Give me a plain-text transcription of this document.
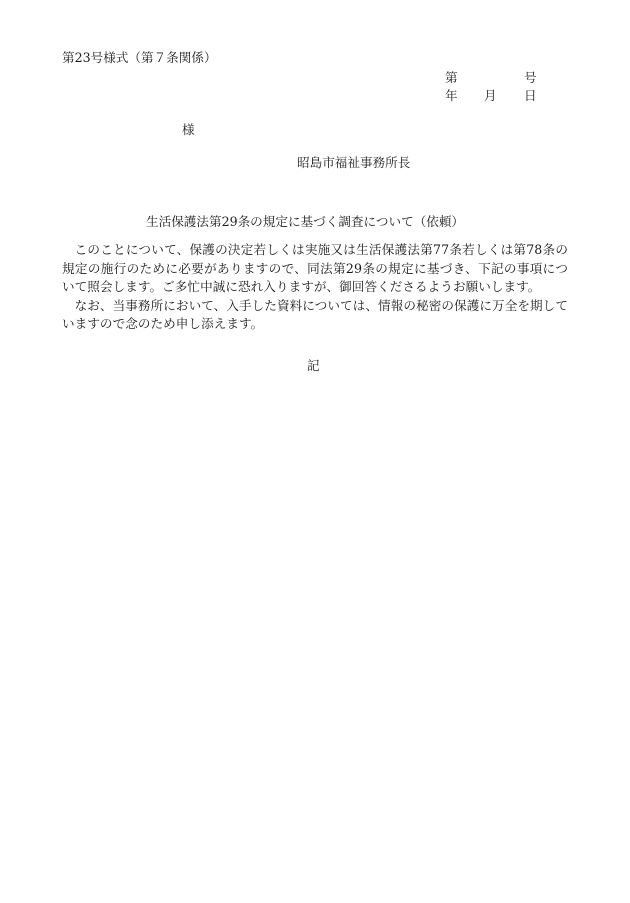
第23号様式（第７条関係）
第	号
年 月 日
様
昭島市福祉事務所長
生活保護法第29条の規定に基づく調査について（依頼）

このことについて、保護の決定若しくは実施又は生活保護法第77条若しくは第78条の規定の施行のために必要がありますので、同法第29条の規定に基づき、下記の事項について照会します。ご多忙中誠に恐れ入りますが、御回答くださるようお願いします。

なお、当事務所において、入手した資料については、情報の秘密の保護に万全を期していますので念のため申し添えます。

記
